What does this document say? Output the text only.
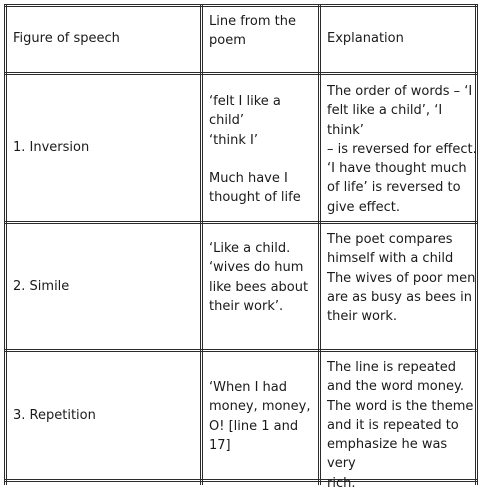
Figure of speech
Line from the
poem	Explanation
1. Inversion
‘felt I like a child’
‘think I’

Much have I
thought of life
The order of words – ‘I
felt like a child’, ‘I think’
– is reversed for effect.
‘I have thought much
of life’ is reversed to
give effect.
2. Simile
‘Like a child.
‘wives do hum
like bees about
their work’.
The poet compares
himself with a child
The wives of poor men
are as busy as bees in
their work.
3. Repetition
‘When I had
money, money,
O! [line 1 and
17]
The line is repeated
and the word money.
The word is the theme
and it is repeated to
emphasize he was very
rich.
